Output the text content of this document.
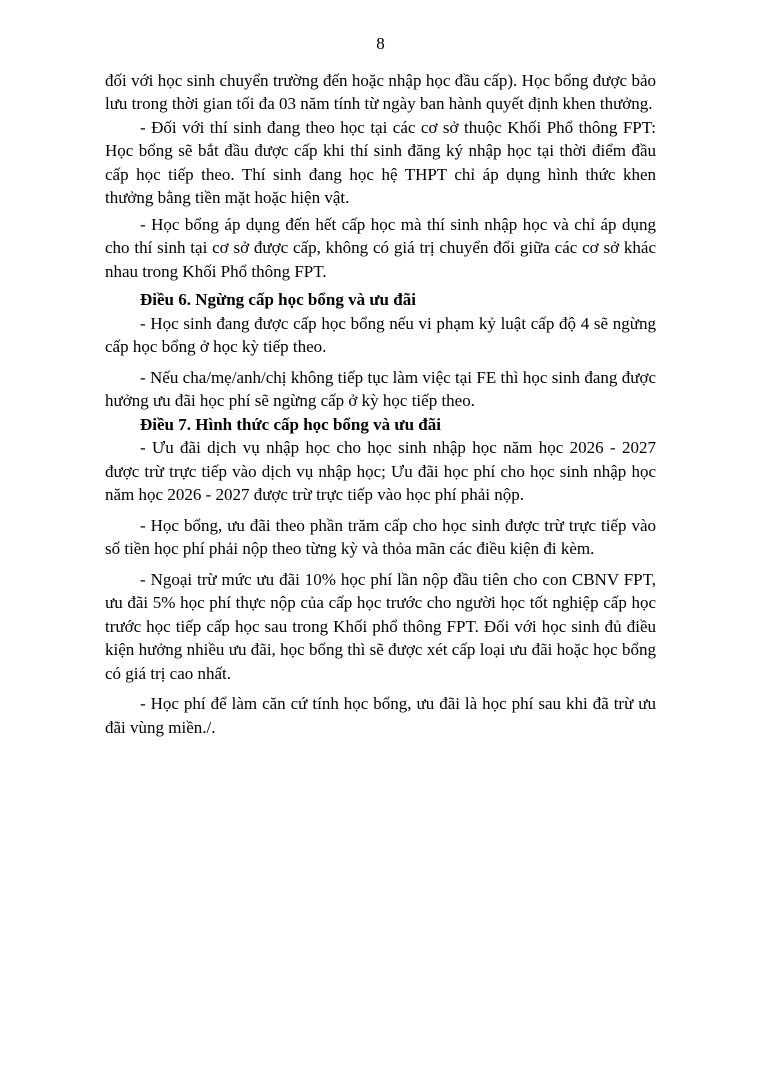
8

đối với học sinh chuyển trường đến hoặc nhập học đầu cấp). Học bổng được bảo lưu trong thời gian tối đa 03 năm tính từ ngày ban hành quyết định khen thưởng.

- Đối với thí sinh đang theo học tại các cơ sở thuộc Khối Phổ thông FPT: Học bổng sẽ bắt đầu được cấp khi thí sinh đăng ký nhập học tại thời điểm đầu cấp học tiếp theo. Thí sinh đang học hệ THPT chỉ áp dụng hình thức khen thưởng bằng tiền mặt hoặc hiện vật.

- Học bổng áp dụng đến hết cấp học mà thí sinh nhập học và chỉ áp dụng cho thí sinh tại cơ sở được cấp, không có giá trị chuyển đổi giữa các cơ sở khác nhau trong Khối Phổ thông FPT.

Điều 6. Ngừng cấp học bổng và ưu đãi

- Học sinh đang được cấp học bổng nếu vi phạm kỷ luật cấp độ 4 sẽ ngừng cấp học bổng ở học kỳ tiếp theo.

- Nếu cha/mẹ/anh/chị không tiếp tục làm việc tại FE thì học sinh đang được hưởng ưu đãi học phí sẽ ngừng cấp ở kỳ học tiếp theo.

Điều 7. Hình thức cấp học bổng và ưu đãi

- Ưu đãi dịch vụ nhập học cho học sinh nhập học năm học 2026 - 2027 được trừ trực tiếp vào dịch vụ nhập học; Ưu đãi học phí cho học sinh nhập học năm học 2026 - 2027 được trừ trực tiếp vào học phí phải nộp.

- Học bổng, ưu đãi theo phần trăm cấp cho học sinh được trừ trực tiếp vào số tiền học phí phải nộp theo từng kỳ và thỏa mãn các điều kiện đi kèm.

- Ngoại trừ mức ưu đãi 10% học phí lần nộp đầu tiên cho con CBNV FPT, ưu đãi 5% học phí thực nộp của cấp học trước cho người học tốt nghiệp cấp học trước học tiếp cấp học sau trong Khối phổ thông FPT. Đối với học sinh đủ điều kiện hưởng nhiều ưu đãi, học bổng thì sẽ được xét cấp loại ưu đãi hoặc học bổng có giá trị cao nhất.

- Học phí để làm căn cứ tính học bổng, ưu đãi là học phí sau khi đã trừ ưu đãi vùng miền./.
